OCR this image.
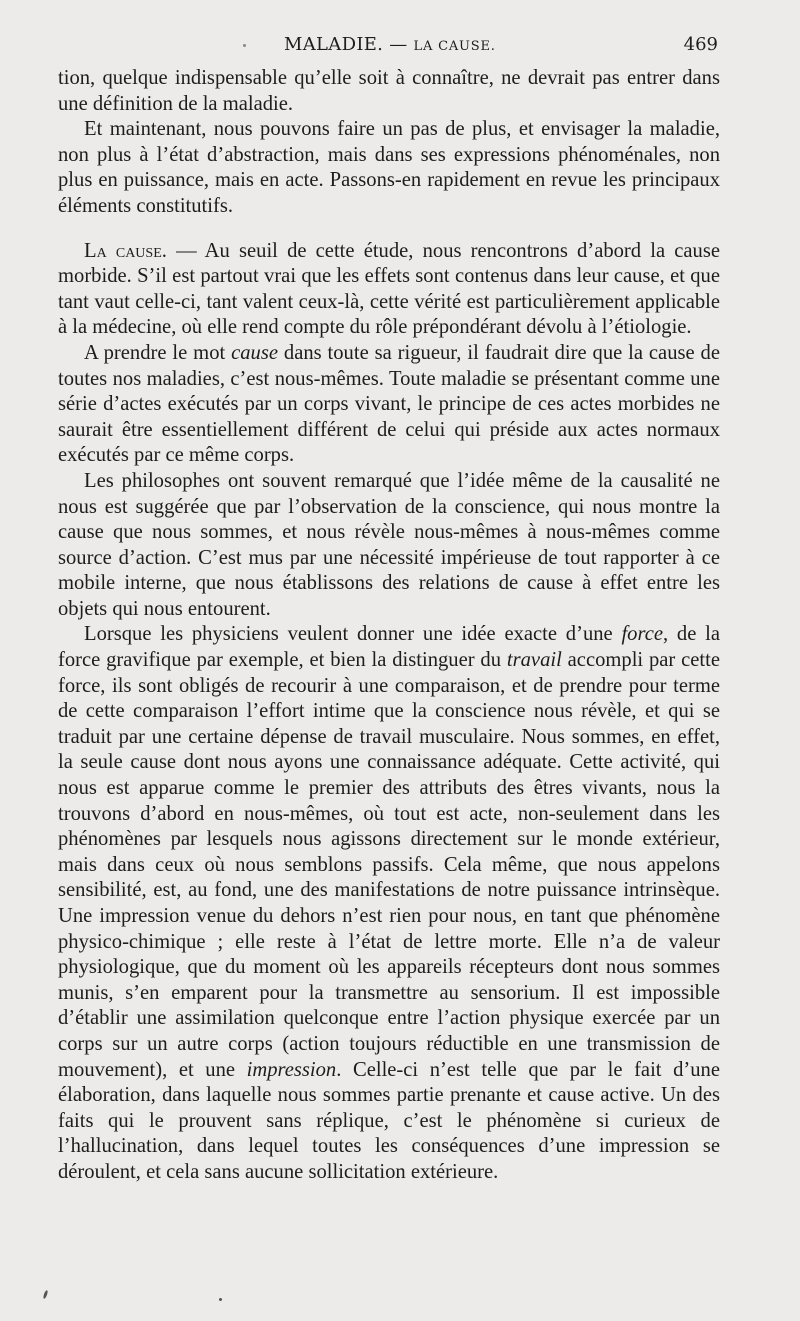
MALADIE. — LA CAUSE.	469

tion, quelque indispensable qu’elle soit à connaître, ne devrait pas entrer dans une définition de la maladie.

Et maintenant, nous pouvons faire un pas de plus, et envisager la maladie, non plus à l’état d’abstraction, mais dans ses expressions phénoménales, non plus en puissance, mais en acte. Passons-en rapidement en revue les principaux éléments constitutifs.

La cause. — Au seuil de cette étude, nous rencontrons d’abord la cause morbide. S’il est partout vrai que les effets sont contenus dans leur cause, et que tant vaut celle-ci, tant valent ceux-là, cette vérité est particulièrement applicable à la médecine, où elle rend compte du rôle prépondérant dévolu à l’étiologie.

A prendre le mot cause dans toute sa rigueur, il faudrait dire que la cause de toutes nos maladies, c’est nous-mêmes. Toute maladie se présentant comme une série d’actes exécutés par un corps vivant, le principe de ces actes morbides ne saurait être essentiellement différent de celui qui préside aux actes normaux exécutés par ce même corps.

Les philosophes ont souvent remarqué que l’idée même de la causalité ne nous est suggérée que par l’observation de la conscience, qui nous montre la cause que nous sommes, et nous révèle nous-mêmes à nous-mêmes comme source d’action. C’est mus par une nécessité impérieuse de tout rapporter à ce mobile interne, que nous établissons des relations de cause à effet entre les objets qui nous entourent.

Lorsque les physiciens veulent donner une idée exacte d’une force, de la force gravifique par exemple, et bien la distinguer du travail accompli par cette force, ils sont obligés de recourir à une comparaison, et de prendre pour terme de cette comparaison l’effort intime que la conscience nous révèle, et qui se traduit par une certaine dépense de travail musculaire. Nous sommes, en effet, la seule cause dont nous ayons une connaissance adéquate. Cette activité, qui nous est apparue comme le premier des attributs des êtres vivants, nous la trouvons d’abord en nous-mêmes, où tout est acte, non-seulement dans les phénomènes par lesquels nous agissons directement sur le monde extérieur, mais dans ceux où nous semblons passifs. Cela même, que nous appelons sensibilité, est, au fond, une des manifestations de notre puissance intrinsèque. Une impression venue du dehors n’est rien pour nous, en tant que phénomène physico-chimique ; elle reste à l’état de lettre morte. Elle n’a de valeur physiologique, que du moment où les appareils récepteurs dont nous sommes munis, s’en emparent pour la transmettre au sensorium. Il est impossible d’établir une assimilation quelconque entre l’action physique exercée par un corps sur un autre corps (action toujours réductible en une transmission de mouvement), et une impression. Celle-ci n’est telle que par le fait d’une élaboration, dans laquelle nous sommes partie prenante et cause active. Un des faits qui le prouvent sans réplique, c’est le phénomène si curieux de l’hallucination, dans lequel toutes les conséquences d’une impression se déroulent, et cela sans aucune sollicitation extérieure.
